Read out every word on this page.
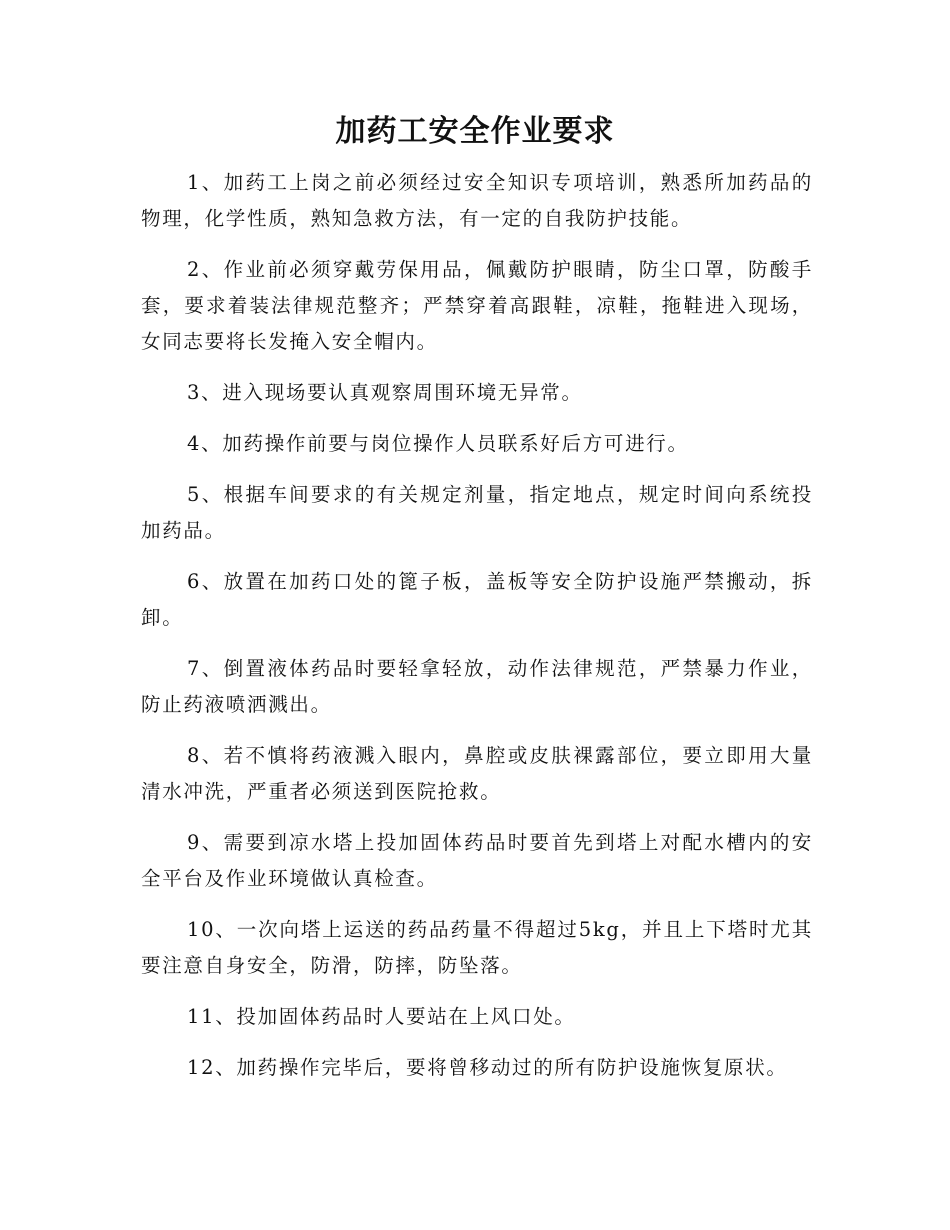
加药工安全作业要求

1、加药工上岗之前必须经过安全知识专项培训，熟悉所加药品的物理，化学性质，熟知急救方法，有一定的自我防护技能。

2、作业前必须穿戴劳保用品，佩戴防护眼睛，防尘口罩，防酸手套，要求着装法律规范整齐；严禁穿着高跟鞋，凉鞋，拖鞋进入现场，女同志要将长发掩入安全帽内。

3、进入现场要认真观察周围环境无异常。

4、加药操作前要与岗位操作人员联系好后方可进行。

5、根据车间要求的有关规定剂量，指定地点，规定时间向系统投加药品。

6、放置在加药口处的篦子板，盖板等安全防护设施严禁搬动，拆卸。

7、倒置液体药品时要轻拿轻放，动作法律规范，严禁暴力作业，防止药液喷洒溅出。

8、若不慎将药液溅入眼内，鼻腔或皮肤裸露部位，要立即用大量清水冲洗，严重者必须送到医院抢救。

9、需要到凉水塔上投加固体药品时要首先到塔上对配水槽内的安全平台及作业环境做认真检查。

10、一次向塔上运送的药品药量不得超过5kg，并且上下塔时尤其要注意自身安全，防滑，防摔，防坠落。

11、投加固体药品时人要站在上风口处。

12、加药操作完毕后，要将曾移动过的所有防护设施恢复原状。
